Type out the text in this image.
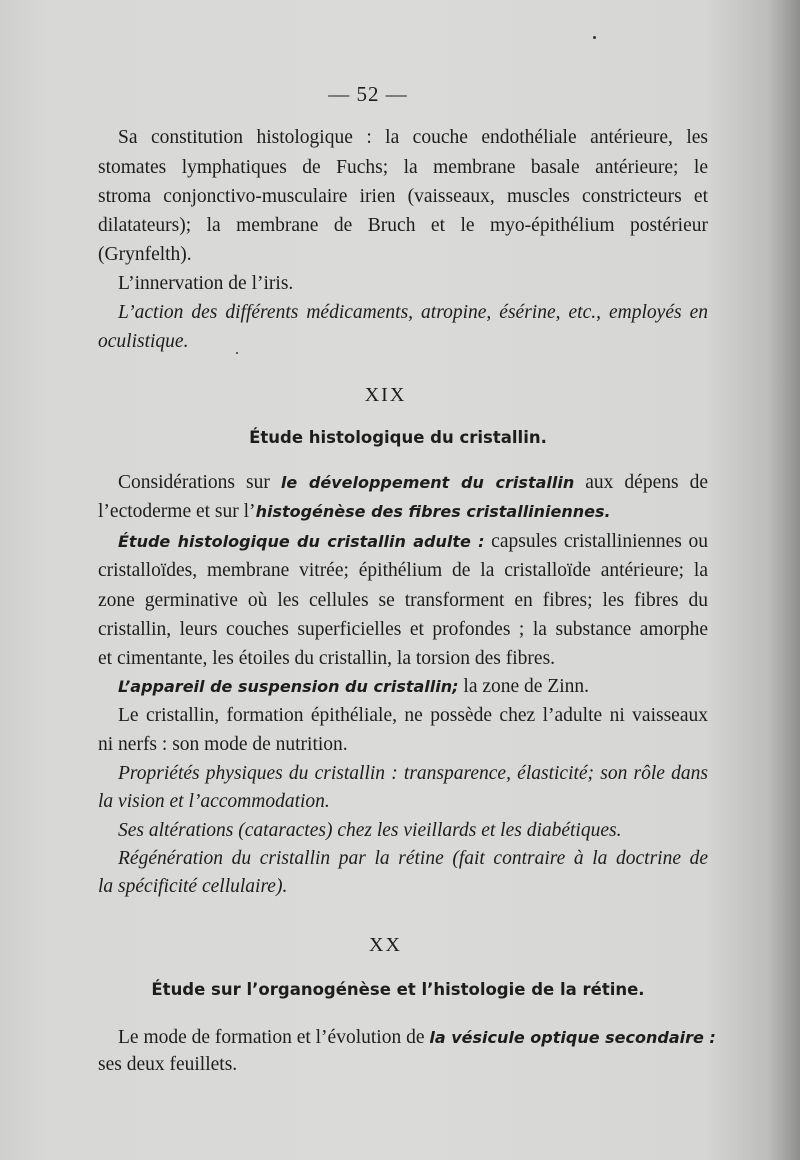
— 52 —
Sa constitution histologique : la couche endothéliale antérieure, les
stomates lymphatiques de Fuchs; la membrane basale antérieure; le
stroma conjonctivo-musculaire irien (vaisseaux, muscles constricteurs et
dilatateurs); la membrane de Bruch et le myo-épithélium postérieur
(Grynfelth).
L’innervation de l’iris.
L’action des différents médicaments, atropine, ésérine, etc., employés en
oculistique.
XIX
Étude histologique du cristallin.
Considérations sur le développement du cristallin aux dépens de
l’ectoderme et sur l’histogénèse des fibres cristalliniennes.
Étude histologique du cristallin adulte : capsules cristalliniennes ou
cristalloïdes, membrane vitrée; épithélium de la cristalloïde antérieure; la
zone germinative où les cellules se transforment en fibres; les fibres du
cristallin, leurs couches superficielles et profondes ; la substance amorphe
et cimentante, les étoiles du cristallin, la torsion des fibres.
L’appareil de suspension du cristallin; la zone de Zinn.
Le cristallin, formation épithéliale, ne possède chez l’adulte ni vaisseaux
ni nerfs : son mode de nutrition.
Propriétés physiques du cristallin : transparence, élasticité; son rôle dans
la vision et l’accommodation.
Ses altérations (cataractes) chez les vieillards et les diabétiques.
Régénération du cristallin par la rétine (fait contraire à la doctrine de
la spécificité cellulaire).
XX
Étude sur l’organogénèse et l’histologie de la rétine.
Le mode de formation et l’évolution de la vésicule optique secondaire :
ses deux feuillets.
